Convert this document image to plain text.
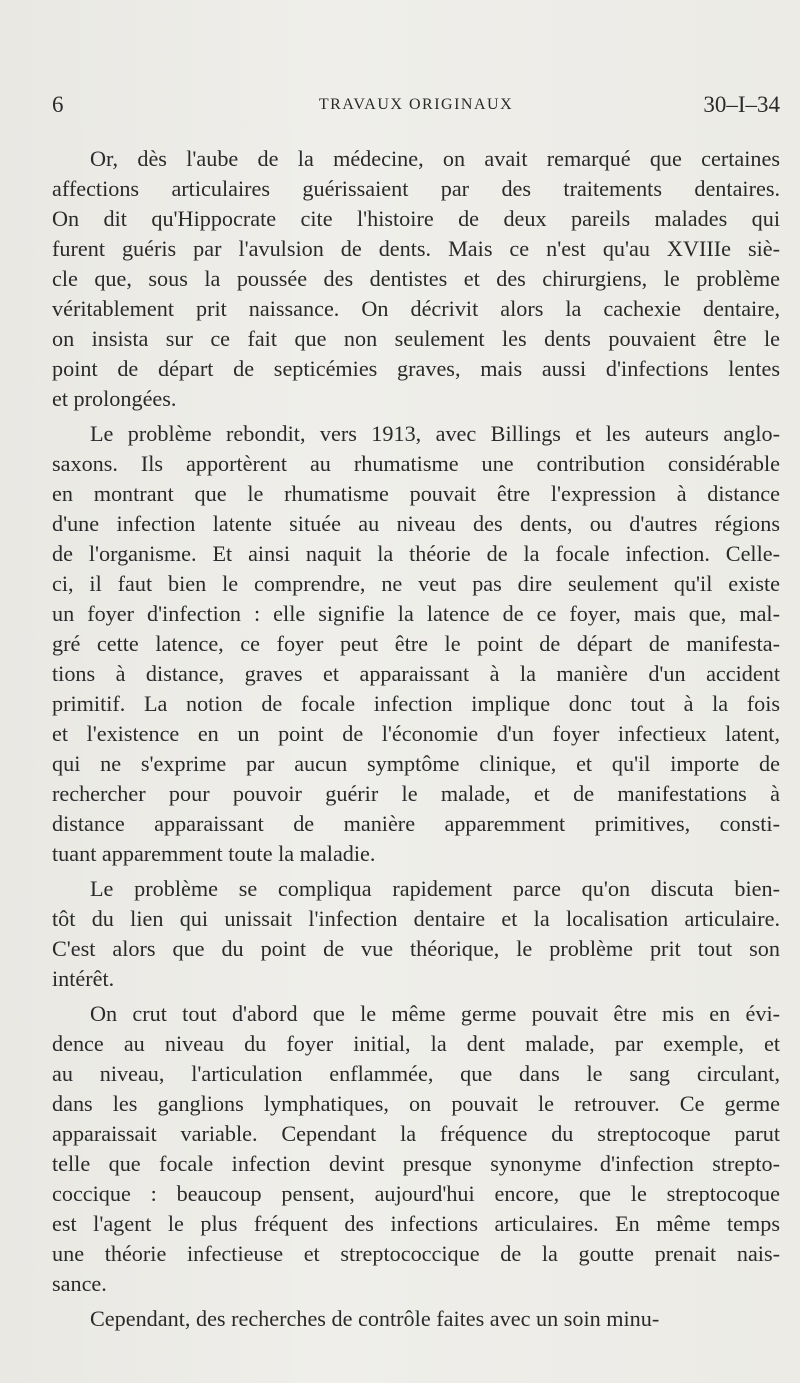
6	TRAVAUX ORIGINAUX	30–I–34
Or, dès l'aube de la médecine, on avait remarqué que certaines
affections articulaires guérissaient par des traitements dentaires.
On dit qu'Hippocrate cite l'histoire de deux pareils malades qui
furent guéris par l'avulsion de dents. Mais ce n'est qu'au XVIIIe siè-
cle que, sous la poussée des dentistes et des chirurgiens, le problème
véritablement prit naissance. On décrivit alors la cachexie dentaire,
on insista sur ce fait que non seulement les dents pouvaient être le
point de départ de septicémies graves, mais aussi d'infections lentes
et prolongées.
Le problème rebondit, vers 1913, avec Billings et les auteurs anglo-
saxons. Ils apportèrent au rhumatisme une contribution considérable
en montrant que le rhumatisme pouvait être l'expression à distance
d'une infection latente située au niveau des dents, ou d'autres régions
de l'organisme. Et ainsi naquit la théorie de la focale infection. Celle-
ci, il faut bien le comprendre, ne veut pas dire seulement qu'il existe
un foyer d'infection : elle signifie la latence de ce foyer, mais que, mal-
gré cette latence, ce foyer peut être le point de départ de manifesta-
tions à distance, graves et apparaissant à la manière d'un accident
primitif. La notion de focale infection implique donc tout à la fois
et l'existence en un point de l'économie d'un foyer infectieux latent,
qui ne s'exprime par aucun symptôme clinique, et qu'il importe de
rechercher pour pouvoir guérir le malade, et de manifestations à
distance apparaissant de manière apparemment primitives, consti-
tuant apparemment toute la maladie.
Le problème se compliqua rapidement parce qu'on discuta bien-
tôt du lien qui unissait l'infection dentaire et la localisation articulaire.
C'est alors que du point de vue théorique, le problème prit tout son
intérêt.
On crut tout d'abord que le même germe pouvait être mis en évi-
dence au niveau du foyer initial, la dent malade, par exemple, et
au niveau, l'articulation enflammée, que dans le sang circulant,
dans les ganglions lymphatiques, on pouvait le retrouver. Ce germe
apparaissait variable. Cependant la fréquence du streptocoque parut
telle que focale infection devint presque synonyme d'infection strepto-
coccique : beaucoup pensent, aujourd'hui encore, que le streptocoque
est l'agent le plus fréquent des infections articulaires. En même temps
une théorie infectieuse et streptococcique de la goutte prenait nais-
sance.
Cependant, des recherches de contrôle faites avec un soin minu-
